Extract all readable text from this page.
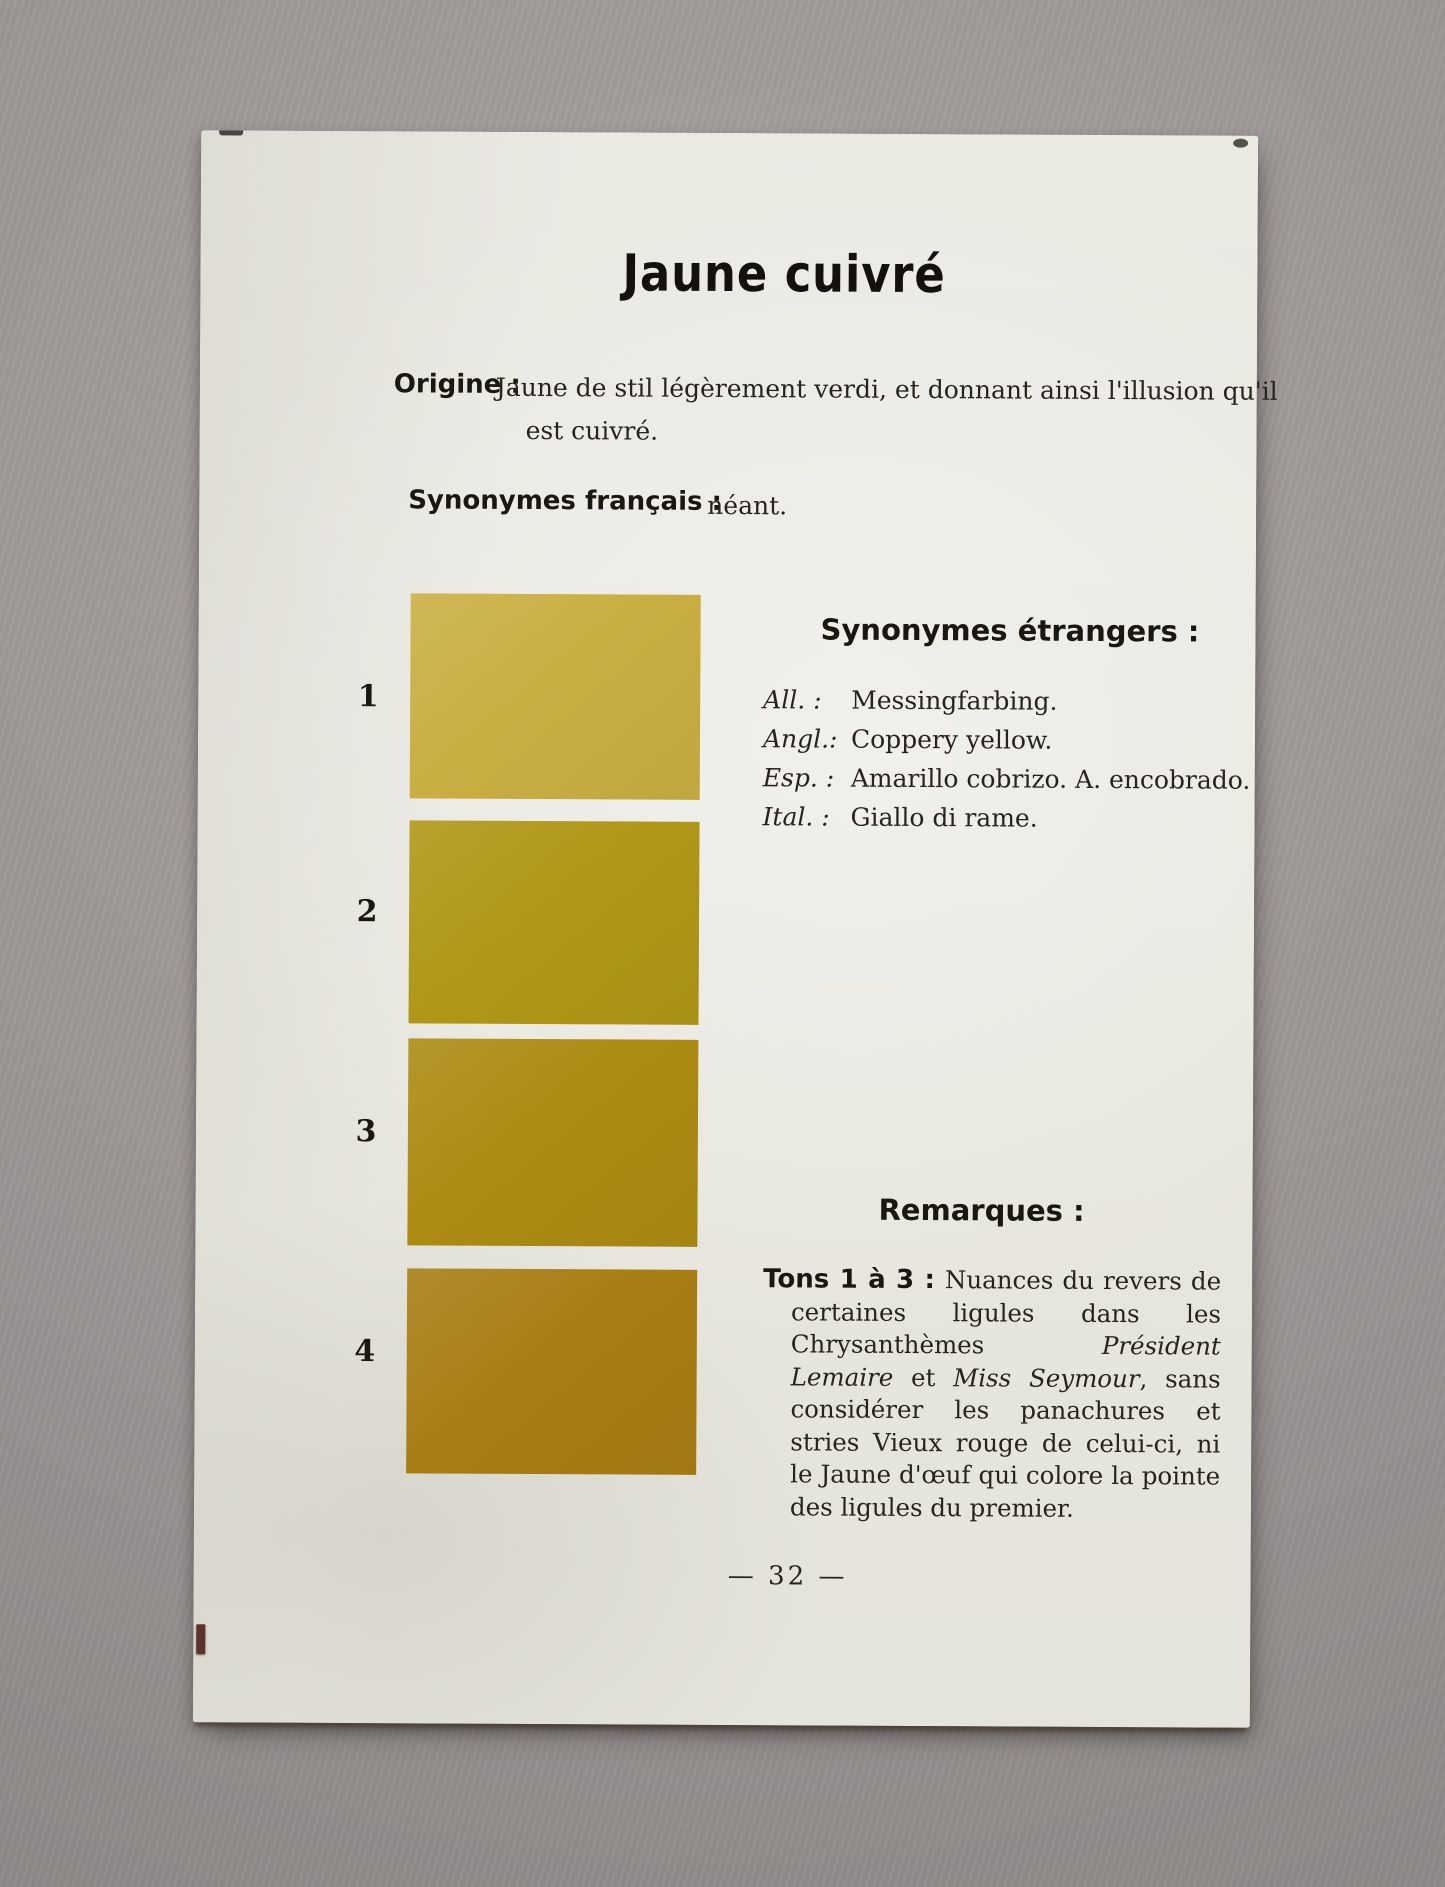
Jaune cuivré
Origine :
Jaune de stil légèrement verdi, et donnant ainsi l'illusion qu'il
est cuivré.
Synonymes français :
néant.
1
2
3
4
Synonymes étrangers :
All. :	Messingfarbing.
Angl.: Coppery yellow.
Esp. : Amarillo cobrizo. A. encobrado.
Ital. : Giallo di rame.
Remarques :
Tons 1 à 3 : Nuances du revers de certaines ligules dans les Chrysanthèmes Président Lemaire et Miss Seymour, sans considérer les panachures et stries Vieux rouge de celui-ci, ni le Jaune d'œuf qui colore la pointe des ligules du premier.
— 32 —
